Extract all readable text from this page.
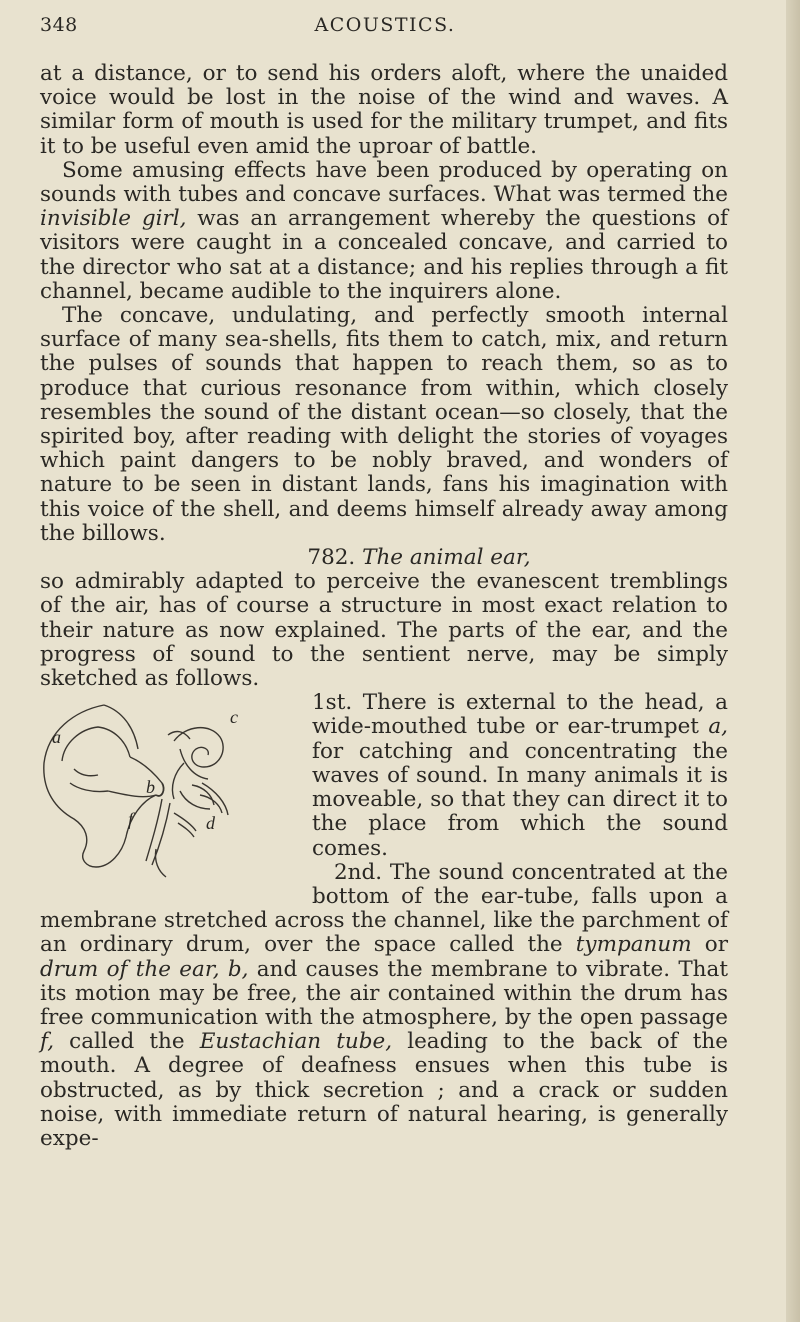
348	ACOUSTICS.

at a distance, or to send his orders aloft, where the unaided voice would be lost in the noise of the wind and waves. A similar form of mouth is used for the military trumpet, and fits it to be useful even amid the uproar of battle.

Some amusing effects have been produced by operating on sounds with tubes and concave surfaces. What was termed the invisible girl, was an arrangement whereby the questions of visitors were caught in a concealed concave, and carried to the director who sat at a distance; and his replies through a fit channel, became audible to the inquirers alone.

The concave, undulating, and perfectly smooth internal surface of many sea-shells, fits them to catch, mix, and return the pulses of sounds that happen to reach them, so as to produce that curious resonance from within, which closely resembles the sound of the distant ocean—so closely, that the spirited boy, after reading with delight the stories of voyages which paint dangers to be nobly braved, and wonders of nature to be seen in distant lands, fans his imagination with this voice of the shell, and deems himself already away among the billows.

782. The animal ear,

so admirably adapted to perceive the evanescent tremblings of the air, has of course a structure in most exact relation to their nature as now explained. The parts of the ear, and the progress of sound to the sentient nerve, may be simply sketched as follows.

a
b
c
d
f

1st. There is external to the head, a wide-mouthed tube or ear-trumpet a, for catching and concentrating the waves of sound. In many animals it is moveable, so that they can direct it to the place from which the sound comes.

2nd. The sound concentrated at the bottom of the ear-tube, falls upon a membrane stretched across the channel, like the parchment of an ordinary drum, over the space called the tympanum or drum of the ear, b, and causes the membrane to vibrate. That its motion may be free, the air contained within the drum has free communication with the atmosphere, by the open passage f, called the Eustachian tube, leading to the back of the mouth. A degree of deafness ensues when this tube is obstructed, as by thick secretion ; and a crack or sudden noise, with immediate return of natural hearing, is generally expe-
